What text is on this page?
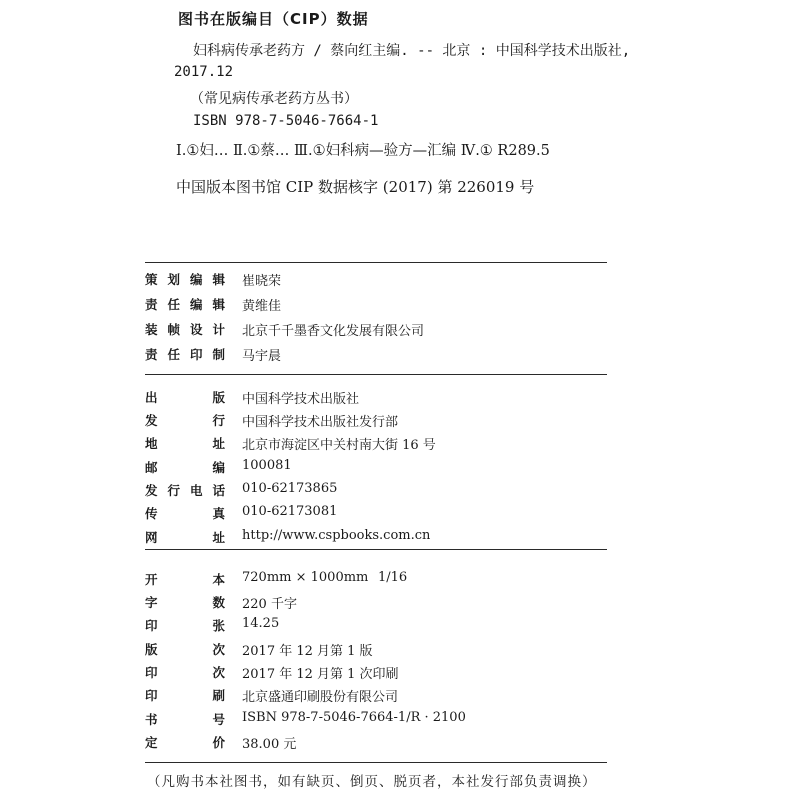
图书在版编目（CIP）数据
妇科病传承老药方 / 蔡向红主编. -- 北京 : 中国科学技术出版社,
2017.12
（常见病传承老药方丛书）
ISBN 978-7-5046-7664-1
Ⅰ.①妇… Ⅱ.①蔡… Ⅲ.①妇科病—验方—汇编 Ⅳ.① R289.5
中国版本图书馆 CIP 数据核字 (2017) 第 226019 号
策 划 编 辑 崔晓荣
责 任 编 辑 黄维佳
装 帧 设 计 北京千千墨香文化发展有限公司
责 任 印 制 马宇晨
出	版 中国科学技术出版社
发	行 中国科学技术出版社发行部
地	址 北京市海淀区中关村南大街 16 号
邮	编 100081
发 行 电 话 010-62173865
传	真 010-62173081
网	址 http://www.cspbooks.com.cn
开	本 720mm × 1000mm 1/16
字	数 220 千字
印	张 14.25
版	次 2017 年 12 月第 1 版
印	次 2017 年 12 月第 1 次印刷
印	刷 北京盛通印刷股份有限公司
书	号 ISBN 978-7-5046-7664-1/R · 2100
定	价 38.00 元
（凡购书本社图书，如有缺页、倒页、脱页者，本社发行部负责调换）
